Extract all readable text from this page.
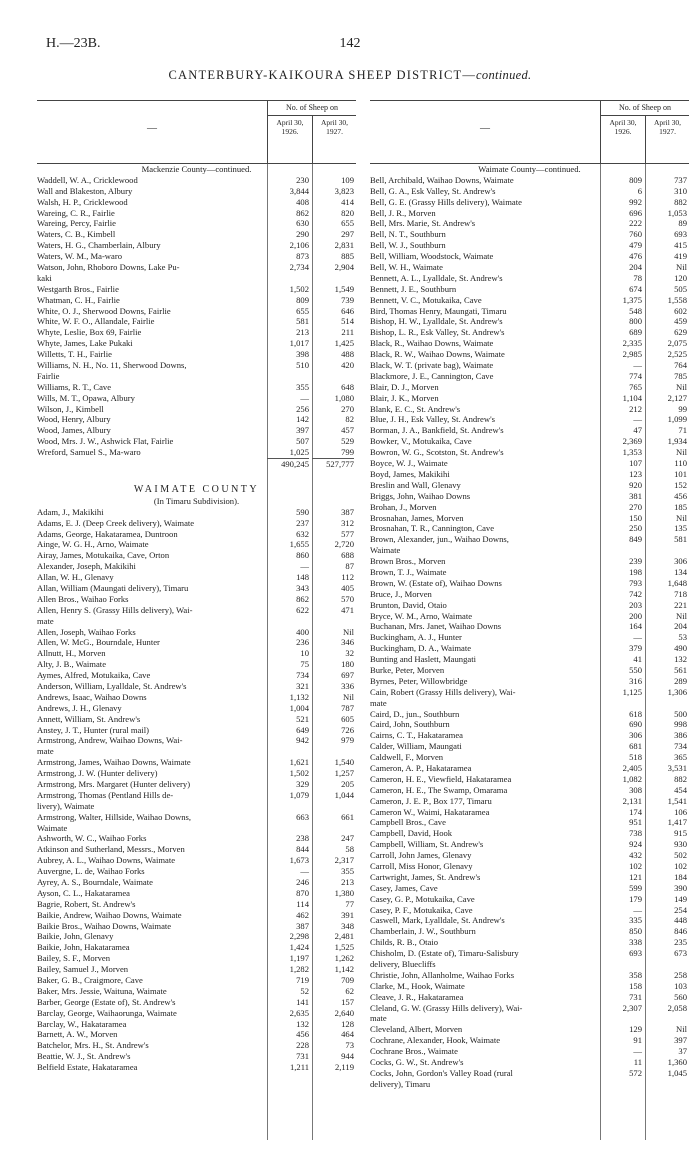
H.—23B.	142
CANTERBURY-KAIKOURA SHEEP DISTRICT—continued.
—
No. of Sheep on
April 30, 1926.
April 30, 1927.
Mackenzie County—continued.
Waddell, W. A., Cricklewood	230	109
Wall and Blakeston, Albury	3,844	3,823
Walsh, H. P., Cricklewood	408	414
Wareing, C. R., Fairlie	862	820
Wareing, Percy, Fairlie	630	655
Waters, C. B., Kimbell	290	297
Waters, H. G., Chamberlain, Albury	2,106	2,831
Waters, W. M., Ma-waro	873	885
Watson, John, Rhoboro Downs, Lake Pu-	2,734	2,904
kaki
Westgarth Bros., Fairlie	1,502	1,549
Whatman, C. H., Fairlie	809	739
White, O. J., Sherwood Downs, Fairlie	655	646
White, W. F. O., Allandale, Fairlie	581	514
Whyte, Leslie, Box 69, Fairlie	213	211
Whyte, James, Lake Pukaki	1,017	1,425
Willetts, T. H., Fairlie	398	488
Williams, N. H., No. 11, Sherwood Downs,	510	420
Fairlie
Williams, R. T., Cave	355	648
Wills, M. T., Opawa, Albury	—	1,080
Wilson, J., Kimbell	256	270
Wood, Henry, Albury	142	82
Wood, James, Albury	397	457
Wood, Mrs. J. W., Ashwick Flat, Fairlie	507	529
Wreford, Samuel S., Ma-waro	1,025	799
490,245	527,777
WAIMATE COUNTY
(In Timaru Subdivision).
Adam, J., Makikihi	590	387
Adams, E. J. (Deep Creek delivery), Waimate	237	312
Adams, George, Hakataramea, Duntroon	632	577
Ainge, W. G. H., Arno, Waimate	1,655	2,720
Airay, James, Motukaika, Cave, Orton	860	688
Alexander, Joseph, Makikihi	—	87
Allan, W. H., Glenavy	148	112
Allan, William (Maungati delivery), Timaru	343	405
Allen Bros., Waihao Forks	862	570
Allen, Henry S. (Grassy Hills delivery), Wai-	622	471
mate
Allen, Joseph, Waihao Forks	400	Nil
Allen, W. McG., Bourndale, Hunter	236	346
Allnutt, H., Morven	10	32
Alty, J. B., Waimate	75	180
Aymes, Alfred, Motukaika, Cave	734	697
Anderson, William, Lyalldale, St. Andrew's	321	336
Andrews, Isaac, Waihao Downs	1,132	Nil
Andrews, J. H., Glenavy	1,004	787
Annett, William, St. Andrew's	521	605
Anstey, J. T., Hunter (rural mail)	649	726
Armstrong, Andrew, Waihao Downs, Wai-	942	979
mate
Armstrong, James, Waihao Downs, Waimate	1,621	1,540
Armstrong, J. W. (Hunter delivery)	1,502	1,257
Armstrong, Mrs. Margaret (Hunter delivery)	329	205
Armstrong, Thomas (Pentland Hills de-	1,079	1,044
livery), Waimate
Armstrong, Walter, Hillside, Waihao Downs,	663	661
Waimate
Ashworth, W. C., Waihao Forks	238	247
Atkinson and Sutherland, Messrs., Morven	844	58
Aubrey, A. L., Waihao Downs, Waimate	1,673	2,317
Auvergne, L. de, Waihao Forks	—	355
Ayrey, A. S., Bourndale, Waimate	246	213
Ayson, C. L., Hakataramea	870	1,380
Bagrie, Robert, St. Andrew's	114	77
Baikie, Andrew, Waihao Downs, Waimate	462	391
Baikie Bros., Waihao Downs, Waimate	387	348
Baikie, John, Glenavy	2,298	2,481
Baikie, John, Hakataramea	1,424	1,525
Bailey, S. F., Morven	1,197	1,262
Bailey, Samuel J., Morven	1,282	1,142
Baker, G. B., Craigmore, Cave	719	709
Baker, Mrs. Jessie, Waituna, Waimate	52	62
Barber, George (Estate of), St. Andrew's	141	157
Barclay, George, Waihaorunga, Waimate	2,635	2,640
Barclay, W., Hakataramea	132	128
Barnett, A. W., Morven	456	464
Batchelor, Mrs. H., St. Andrew's	228	73
Beattie, W. J., St. Andrew's	731	944
Belfield Estate, Hakataramea	1,211	2,119
—
No. of Sheep on
April 30, 1926.
April 30, 1927.
Waimate County—continued.
Bell, Archibald, Waihao Downs, Waimate	809	737
Bell, G. A., Esk Valley, St. Andrew's	6	310
Bell, G. E. (Grassy Hills delivery), Waimate	992	882
Bell, J. R., Morven	696	1,053
Bell, Mrs. Marie, St. Andrew's	222	89
Bell, N. T., Southburn	760	693
Bell, W. J., Southburn	479	415
Bell, William, Woodstock, Waimate	476	419
Bell, W. H., Waimate	204	Nil
Bennett, A. L., Lyalldale, St. Andrew's	78	120
Bennett, J. E., Southburn	674	505
Bennett, V. C., Motukaika, Cave	1,375	1,558
Bird, Thomas Henry, Maungati, Timaru	548	602
Bishop, H. W., Lyalldale, St. Andrew's	800	459
Bishop, L. R., Esk Valley, St. Andrew's	689	629
Black, R., Waihao Downs, Waimate	2,335	2,075
Black, R. W., Waihao Downs, Waimate	2,985	2,525
Black, W. T. (private bag), Waimate	—	764
Blackmore, J. E., Cannington, Cave	774	785
Blair, D. J., Morven	765	Nil
Blair, J. K., Morven	1,104	2,127
Blank, E. C., St. Andrew's	212	99
Blue, J. H., Esk Valley, St. Andrew's	—	1,099
Borman, J. A., Bankfield, St. Andrew's	47	71
Bowker, V., Motukaika, Cave	2,369	1,934
Bowron, W. G., Scotston, St. Andrew's	1,353	Nil
Boyce, W. J., Waimate	107	110
Boyd, James, Makikihi	123	101
Breslin and Wall, Glenavy	920	152
Briggs, John, Waihao Downs	381	456
Brohan, J., Morven	270	185
Brosnahan, James, Morven	150	Nil
Brosnahan, T. R., Cannington, Cave	250	135
Brown, Alexander, jun., Waihao Downs,	849	581
Waimate
Brown Bros., Morven	239	306
Brown, T. J., Waimate	198	134
Brown, W. (Estate of), Waihao Downs	793	1,648
Bruce, J., Morven	742	718
Brunton, David, Otaio	203	221
Bryce, W. M., Arno, Waimate	200	Nil
Buchanan, Mrs. Janet, Waihao Downs	164	204
Buckingham, A. J., Hunter	—	53
Buckingham, D. A., Waimate	379	490
Bunting and Haslett, Maungati	41	132
Burke, Peter, Morven	550	561
Byrnes, Peter, Willowbridge	316	289
Cain, Robert (Grassy Hills delivery), Wai-	1,125	1,306
mate
Caird, D., jun., Southburn	618	500
Caird, John, Southburn	690	998
Cairns, C. T., Hakataramea	306	386
Calder, William, Maungati	681	734
Caldwell, F., Morven	518	365
Cameron, A. P., Hakataramea	2,405	3,531
Cameron, H. E., Viewfield, Hakataramea	1,082	882
Cameron, H. E., The Swamp, Omarama	308	454
Cameron, J. E. P., Box 177, Timaru	2,131	1,541
Cameron W., Waimi, Hakataramea	174	106
Campbell Bros., Cave	951	1,417
Campbell, David, Hook	738	915
Campbell, William, St. Andrew's	924	930
Carroll, John James, Glenavy	432	502
Carroll, Miss Honor, Glenavy	102	102
Cartwright, James, St. Andrew's	121	184
Casey, James, Cave	599	390
Casey, G. P., Motukaika, Cave	179	149
Casey, P. F., Motukaika, Cave	—	254
Caswell, Mark, Lyalldale, St. Andrew's	335	448
Chamberlain, J. W., Southburn	850	846
Childs, R. B., Otaio	338	235
Chisholm, D. (Estate of), Timaru-Salisbury	693	673
delivery, Bluecliffs
Christie, John, Allanholme, Waihao Forks	358	258
Clarke, M., Hook, Waimate	158	103
Cleave, J. R., Hakataramea	731	560
Cleland, G. W. (Grassy Hills delivery), Wai-	2,307	2,058
mate
Cleveland, Albert, Morven	129	Nil
Cochrane, Alexander, Hook, Waimate	91	397
Cochrane Bros., Waimate	—	37
Cocks, G. W., St. Andrew's	11	1,360
Cocks, John, Gordon's Valley Road (rural	572	1,045
delivery), Timaru
